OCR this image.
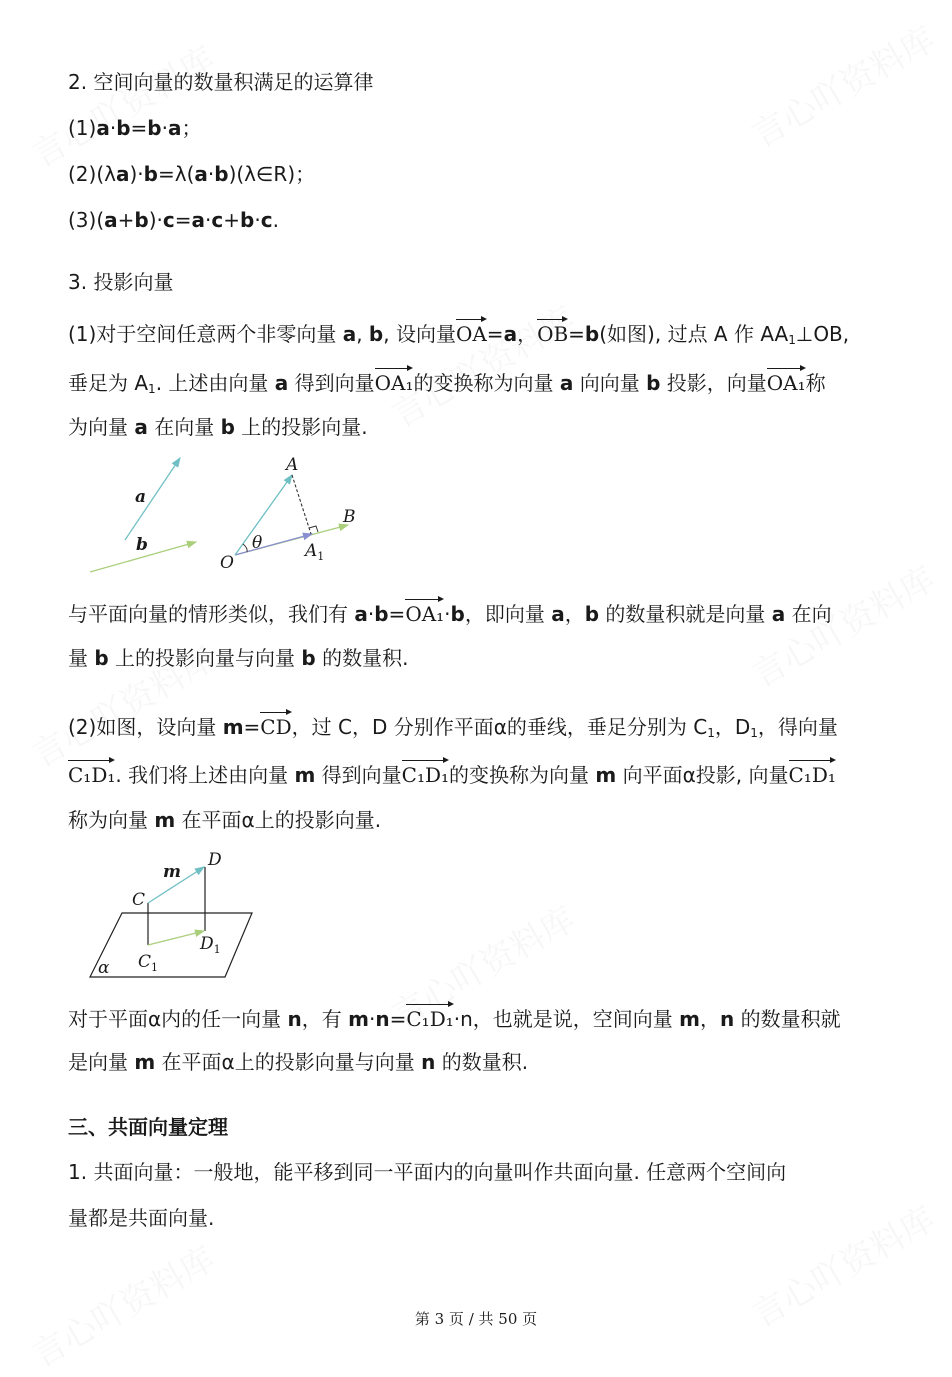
2. 空间向量的数量积满足的运算律
(1)a·b=b·a；
(2)(λa)·b=λ(a·b)(λ∈R)；
(3)(a+b)·c=a·c+b·c.
3. 投影向量
(1)对于空间任意两个非零向量 a, b, 设向量OA=a，OB=b(如图), 过点 A 作 $AA_1\perp OB$,
垂足为 $A_1$. 上述由向量 a 得到向量OA₁的变换称为向量 a 向向量 b 投影，向量OA₁称
为向量 a 在向量 b 上的投影向量.
a
b
A
B
O
θ	$A_1$
与平面向量的情形类似，我们有 a·b=OA₁·b，即向量 a，b 的数量积就是向量 a 在向
量 b 上的投影向量与向量 b 的数量积.
(2)如图，设向量 m=CD，过 C，D 分别作平面α的垂线，垂足分别为 $C_1$，$D_1$，得向量
C₁D₁. 我们将上述由向量 m 得到向量C₁D₁的变换称为向量 m 向平面α投影, 向量C₁D₁
称为向量 m 在平面α上的投影向量.
m
D
C
$D_1$
$C_1$
α
对于平面α内的任一向量 n，有 m·n=C₁D₁·n，也就是说，空间向量 m，n 的数量积就
是向量 m 在平面α上的投影向量与向量 n 的数量积.
三、共面向量定理
1. 共面向量：一般地，能平移到同一平面内的向量叫作共面向量. 任意两个空间向
量都是共面向量.
第 3 页 / 共 50 页
